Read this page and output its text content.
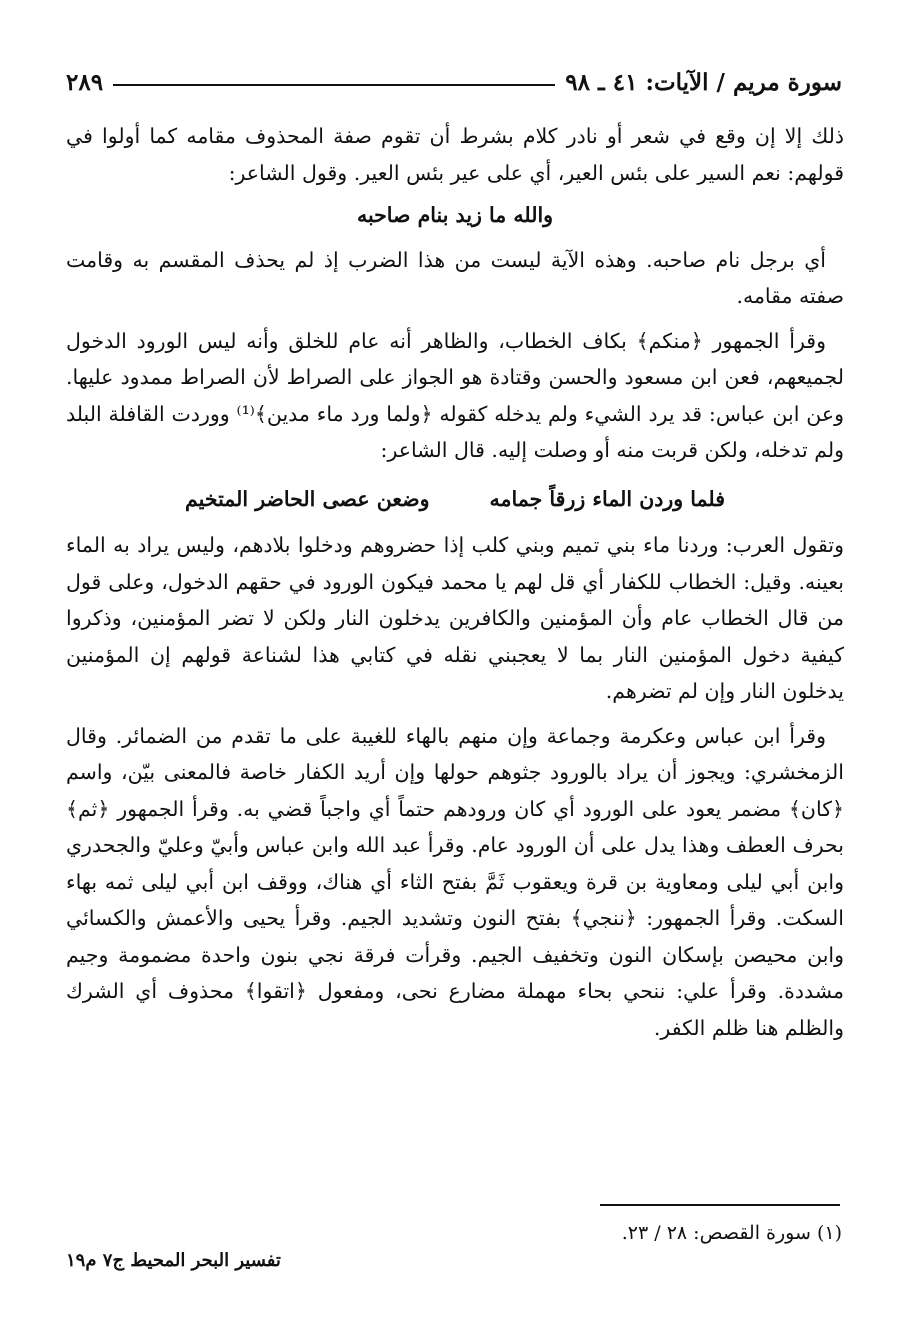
سورة مريم / الآيات: ٤١ ـ ٩٨
٢٨٩

ذلك إلا إن وقع في شعر أو نادر كلام بشرط أن تقوم صفة المحذوف مقامه كما أولوا في قولهم: نعم السير على بئس العير، أي على عير بئس العير. وقول الشاعر:

والله ما زيد بنام صاحبه

أي برجل نام صاحبه. وهذه الآية ليست من هذا الضرب إذ لم يحذف المقسم به وقامت صفته مقامه.

وقرأ الجمهور ﴿منكم﴾ بكاف الخطاب، والظاهر أنه عام للخلق وأنه ليس الورود الدخول لجميعهم، فعن ابن مسعود والحسن وقتادة هو الجواز على الصراط لأن الصراط ممدود عليها. وعن ابن عباس: قد يرد الشيء ولم يدخله كقوله ﴿ولما ورد ماء مدين﴾⁽¹⁾ ووردت القافلة البلد ولم تدخله، ولكن قربت منه أو وصلت إليه. قال الشاعر:

فلما وردن الماء زرقاً جمامه
وضعن عصى الحاضر المتخيم

وتقول العرب: وردنا ماء بني تميم وبني كلب إذا حضروهم ودخلوا بلادهم، وليس يراد به الماء بعينه. وقيل: الخطاب للكفار أي قل لهم يا محمد فيكون الورود في حقهم الدخول، وعلى قول من قال الخطاب عام وأن المؤمنين والكافرين يدخلون النار ولكن لا تضر المؤمنين، وذكروا كيفية دخول المؤمنين النار بما لا يعجبني نقله في كتابي هذا لشناعة قولهم إن المؤمنين يدخلون النار وإن لم تضرهم.

وقرأ ابن عباس وعكرمة وجماعة وإن منهم بالهاء للغيبة على ما تقدم من الضمائر. وقال الزمخشري: ويجوز أن يراد بالورود جثوهم حولها وإن أريد الكفار خاصة فالمعنى بيّن، واسم ﴿كان﴾ مضمر يعود على الورود أي كان ورودهم حتماً أي واجباً قضي به. وقرأ الجمهور ﴿ثم﴾ بحرف العطف وهذا يدل على أن الورود عام. وقرأ عبد الله وابن عباس وأبيّ وعليّ والجحدري وابن أبي ليلى ومعاوية بن قرة ويعقوب ثَمَّ بفتح الثاء أي هناك، ووقف ابن أبي ليلى ثمه بهاء السكت. وقرأ الجمهور: ﴿ننجي﴾ بفتح النون وتشديد الجيم. وقرأ يحيى والأعمش والكسائي وابن محيصن بإسكان النون وتخفيف الجيم. وقرأت فرقة نجي بنون واحدة مضمومة وجيم مشددة. وقرأ علي: ننحي بحاء مهملة مضارع نحى، ومفعول ﴿اتقوا﴾ محذوف أي الشرك والظلم هنا ظلم الكفر.

(١) سورة القصص: ٢٨ / ٢٣.
تفسير البحر المحيط ج٧ م١٩
